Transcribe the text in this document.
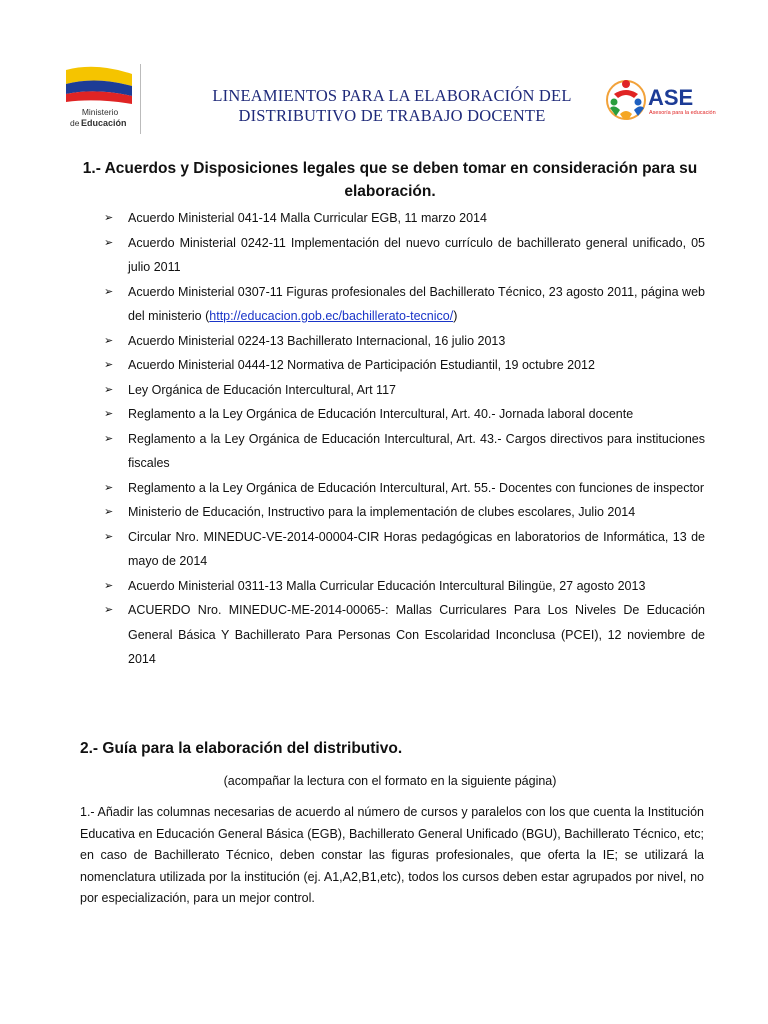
Ministerio
de Educación
LINEAMIENTOS PARA LA ELABORACIÓN DEL
DISTRIBUTIVO DE TRABAJO DOCENTE
ASE
Asesoría para la educación
1.- Acuerdos y Disposiciones legales que se deben tomar en consideración para su elaboración.
➢ Acuerdo Ministerial 041-14 Malla Curricular EGB, 11 marzo 2014
➢ Acuerdo Ministerial 0242-11 Implementación del nuevo currículo de bachillerato general unificado, 05 julio 2011
➢ Acuerdo Ministerial 0307-11 Figuras profesionales del Bachillerato Técnico, 23 agosto 2011, página web del ministerio (http://educacion.gob.ec/bachillerato-tecnico/)
➢ Acuerdo Ministerial 0224-13 Bachillerato Internacional, 16 julio 2013
➢ Acuerdo Ministerial 0444-12 Normativa de Participación Estudiantil, 19 octubre 2012
➢ Ley Orgánica de Educación Intercultural, Art 117
➢ Reglamento a la Ley Orgánica de Educación Intercultural, Art. 40.- Jornada laboral docente
➢ Reglamento a la Ley Orgánica de Educación Intercultural, Art. 43.- Cargos directivos para instituciones fiscales
➢ Reglamento a la Ley Orgánica de Educación Intercultural, Art. 55.- Docentes con funciones de inspector
➢ Ministerio de Educación, Instructivo para la implementación de clubes escolares, Julio 2014
➢ Circular Nro. MINEDUC-VE-2014-00004-CIR Horas pedagógicas en laboratorios de Informática, 13 de mayo de 2014
➢ Acuerdo Ministerial 0311-13 Malla Curricular Educación Intercultural Bilingüe, 27 agosto 2013
➢ ACUERDO Nro. MINEDUC-ME-2014-00065-: Mallas Curriculares Para Los Niveles De Educación General Básica Y Bachillerato Para Personas Con Escolaridad Inconclusa (PCEI), 12 noviembre de 2014
2.- Guía para la elaboración del distributivo.
(acompañar la lectura con el formato en la siguiente página)
1.- Añadir las columnas necesarias de acuerdo al número de cursos y paralelos con los que cuenta la Institución Educativa en Educación General Básica (EGB), Bachillerato General Unificado (BGU), Bachillerato Técnico, etc; en caso de Bachillerato Técnico, deben constar las figuras profesionales, que oferta la IE; se utilizará la nomenclatura utilizada por la institución (ej. A1,A2,B1,etc), todos los cursos deben estar agrupados por nivel, no por especialización, para un mejor control.
